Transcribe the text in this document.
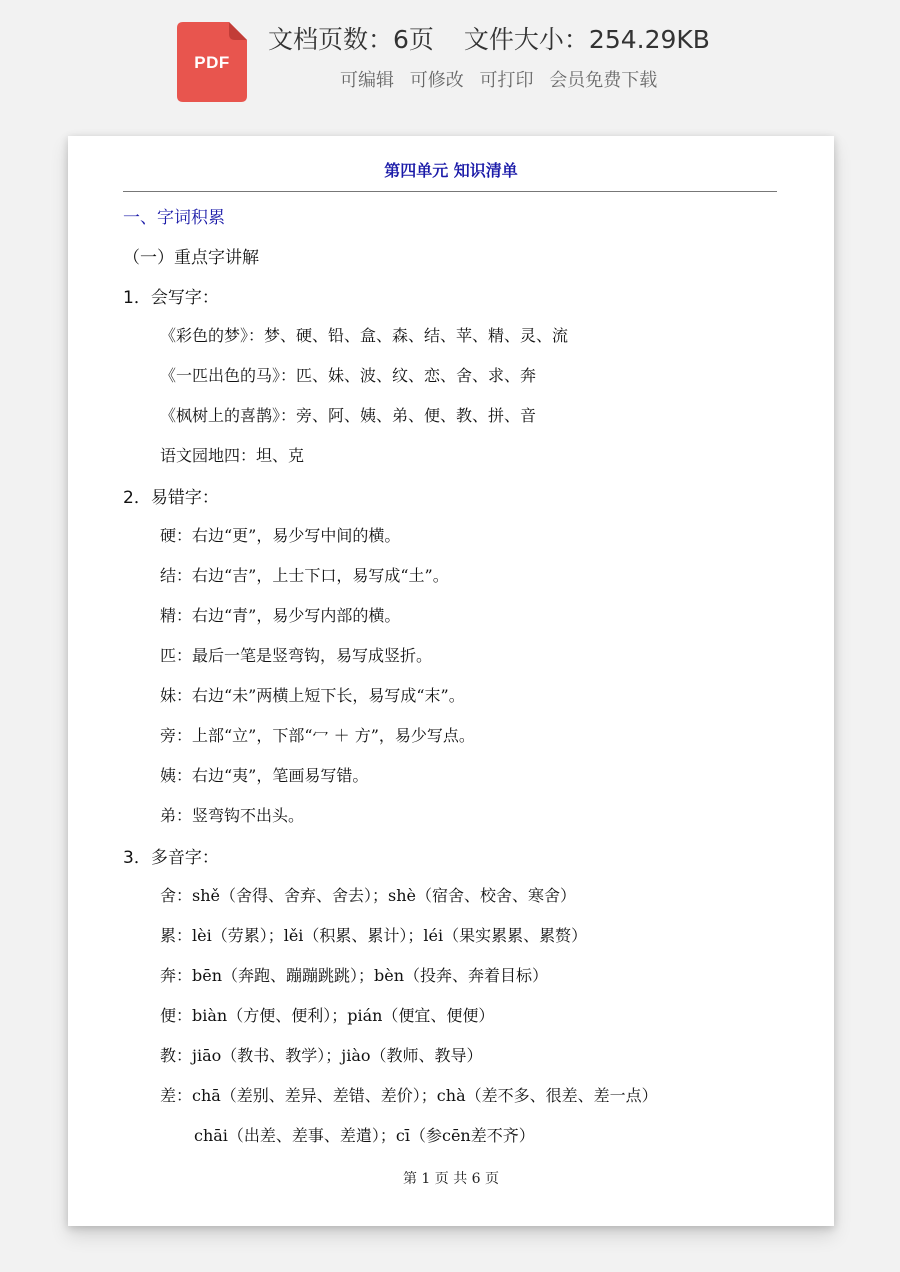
PDF
文档页数：6页 文件大小：254.29KB
可编辑 可修改 可打印 会员免费下载
第四单元 知识清单
一、字词积累
（一）重点字讲解
1．会写字：
《彩色的梦》：梦、硬、铅、盒、森、结、苹、精、灵、流
《一匹出色的马》：匹、妹、波、纹、恋、舍、求、奔
《枫树上的喜鹊》：旁、阿、姨、弟、便、教、拼、音
语文园地四：坦、克
2．易错字：
硬：右边“更”，易少写中间的横。
结：右边“吉”，上士下口，易写成“土”。
精：右边“青”，易少写内部的横。
匹：最后一笔是竖弯钩，易写成竖折。
妹：右边“未”两横上短下长，易写成“末”。
旁：上部“立”，下部“冖 ＋ 方”，易少写点。
姨：右边“夷”，笔画易写错。
弟：竖弯钩不出头。
3．多音字：
舍：shě（舍得、舍弃、舍去）；shè（宿舍、校舍、寒舍）
累：lèi（劳累）；lěi（积累、累计）；léi（果实累累、累赘）
奔：bēn（奔跑、蹦蹦跳跳）；bèn（投奔、奔着目标）
便：biàn（方便、便利）；pián（便宜、便便）
教：jiāo（教书、教学）；jiào（教师、教导）
差：chā（差别、差异、差错、差价）；chà（差不多、很差、差一点）
chāi（出差、差事、差遣）；cī（参cēn差不齐）
第 1 页 共 6 页
